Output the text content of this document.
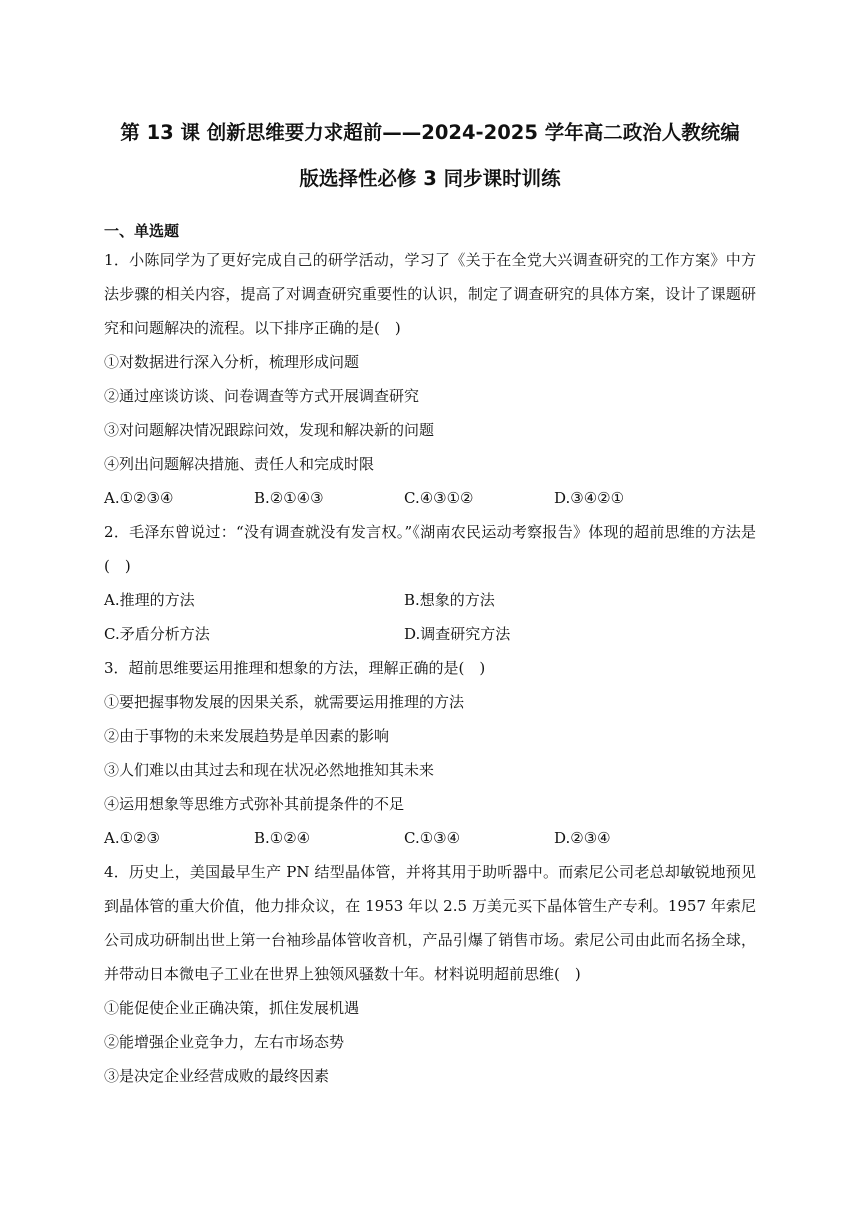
第 13 课 创新思维要力求超前——2024-2025 学年高二政治人教统编
版选择性必修 3 同步课时训练
一、单选题

1．小陈同学为了更好完成自己的研学活动，学习了《关于在全党大兴调查研究的工作方案》中方法步骤的相关内容，提高了对调查研究重要性的认识，制定了调查研究的具体方案，设计了课题研究和问题解决的流程。以下排序正确的是(　)

①对数据进行深入分析，梳理形成问题

②通过座谈访谈、问卷调查等方式开展调查研究

③对问题解决情况跟踪问效，发现和解决新的问题

④列出问题解决措施、责任人和完成时限

A.①②③④	B.②①④③	C.④③①②	D.③④②①

2．毛泽东曾说过：“没有调查就没有发言权。”《湖南农民运动考察报告》体现的超前思维的方法是(　)

A.推理的方法	B.想象的方法
C.矛盾分析方法	D.调查研究方法

3．超前思维要运用推理和想象的方法，理解正确的是(　)

①要把握事物发展的因果关系，就需要运用推理的方法

②由于事物的未来发展趋势是单因素的影响

③人们难以由其过去和现在状况必然地推知其未来

④运用想象等思维方式弥补其前提条件的不足

A.①②③	B.①②④	C.①③④	D.②③④

4．历史上，美国最早生产 PN 结型晶体管，并将其用于助听器中。而索尼公司老总却敏锐地预见到晶体管的重大价值，他力排众议，在 1953 年以 2.5 万美元买下晶体管生产专利。1957 年索尼公司成功研制出世上第一台袖珍晶体管收音机，产品引爆了销售市场。索尼公司由此而名扬全球，并带动日本微电子工业在世界上独领风骚数十年。材料说明超前思维(　)

①能促使企业正确决策，抓住发展机遇

②能增强企业竞争力，左右市场态势

③是决定企业经营成败的最终因素
